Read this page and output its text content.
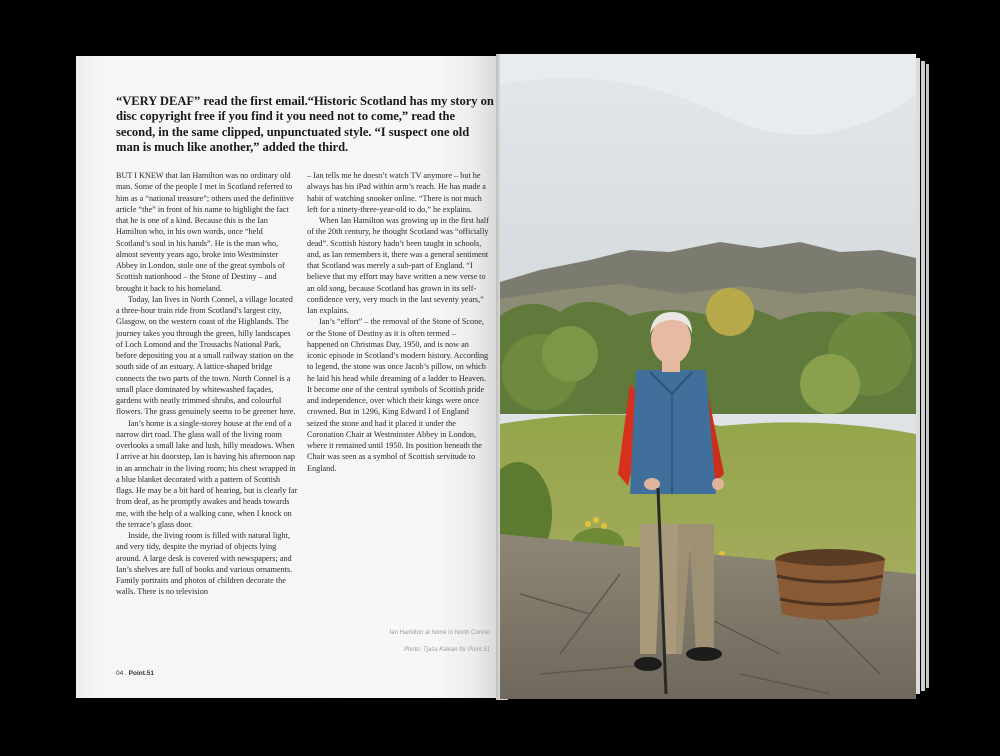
“VERY DEAF” read the first email.“Historic Scotland has my story on disc copyright free if you find it you need not to come,” read the second, in the same clipped, unpunctuated style. “I suspect one old man is much like another,” added the third.

BUT I KNEW that Ian Hamilton was no ordinary old man. Some of the people I met in Scotland referred to him as a “national treasure”; others used the definitive article “the” in front of his name to highlight the fact that he is one of a kind. Because this is the Ian Hamilton who, in his own words, once “held Scotland’s soul in his hands”. He is the man who, almost seventy years ago, broke into Westminster Abbey in London, stole one of the great symbols of Scottish nationhood – the Stone of Destiny – and brought it back to his homeland.

Today, Ian lives in North Connel, a village located a three-hour train ride from Scotland’s largest city, Glasgow, on the western coast of the Highlands. The journey takes you through the green, hilly landscapes of Loch Lomond and the Trossachs National Park, before depositing you at a small railway station on the south side of an estuary. A lattice-shaped bridge connects the two parts of the town. North Connel is a small place dominated by whitewashed façades, gardens with neatly trimmed shrubs, and colourful flowers. The grass genuinely seems to be greener here.

Ian’s home is a single-storey house at the end of a narrow dirt road. The glass wall of the living room overlooks a small lake and lush, hilly meadows. When I arrive at his doorstep, Ian is having his afternoon nap in an armchair in the living room; his chest wrapped in a blue blanket decorated with a pattern of Scottish flags. He may be a bit hard of hearing, but is clearly far from deaf, as he promptly awakes and heads towards me, with the help of a walking cane, when I knock on the terrace’s glass door.

Inside, the living room is filled with natural light, and very tidy, despite the myriad of objects lying around. A large desk is covered with newspapers; and Ian’s shelves are full of books and various ornaments. Family portraits and photos of children decorate the walls. There is no television

– Ian tells me he doesn’t watch TV anymore – but he always has his iPad within arm’s reach. He has made a habit of watching snooker online. “There is not much left for a ninety-three-year-old to do,” he explains.

When Ian Hamilton was growing up in the first half of the 20th century, he thought Scotland was “officially dead”. Scottish history hadn’t been taught in schools, and, as Ian remembers it, there was a general sentiment that Scotland was merely a sub-part of England. “I believe that my effort may have written a new verse to an old song, because Scotland has grown in its self-confidence very, very much in the last seventy years,” Ian explains.

Ian’s “effort” – the removal of the Stone of Scone, or the Stone of Destiny as it is often termed – happened on Christmas Day, 1950, and is now an iconic episode in Scotland’s modern history. According to legend, the stone was once Jacob’s pillow, on which he laid his head while dreaming of a ladder to Heaven. It become one of the central symbols of Scottish pride and independence, over which their kings were once crowned. But in 1296, King Edward I of England seized the stone and had it placed it under the Coronation Chair at Westminster Abbey in London, where it remained until 1950. Its position beneath the Chair was seen as a symbol of Scottish servitude to England.

04 . Point.51
Ian Hamilton at home in North Connel
Photo: Tjaša Kalkan for Point.51
